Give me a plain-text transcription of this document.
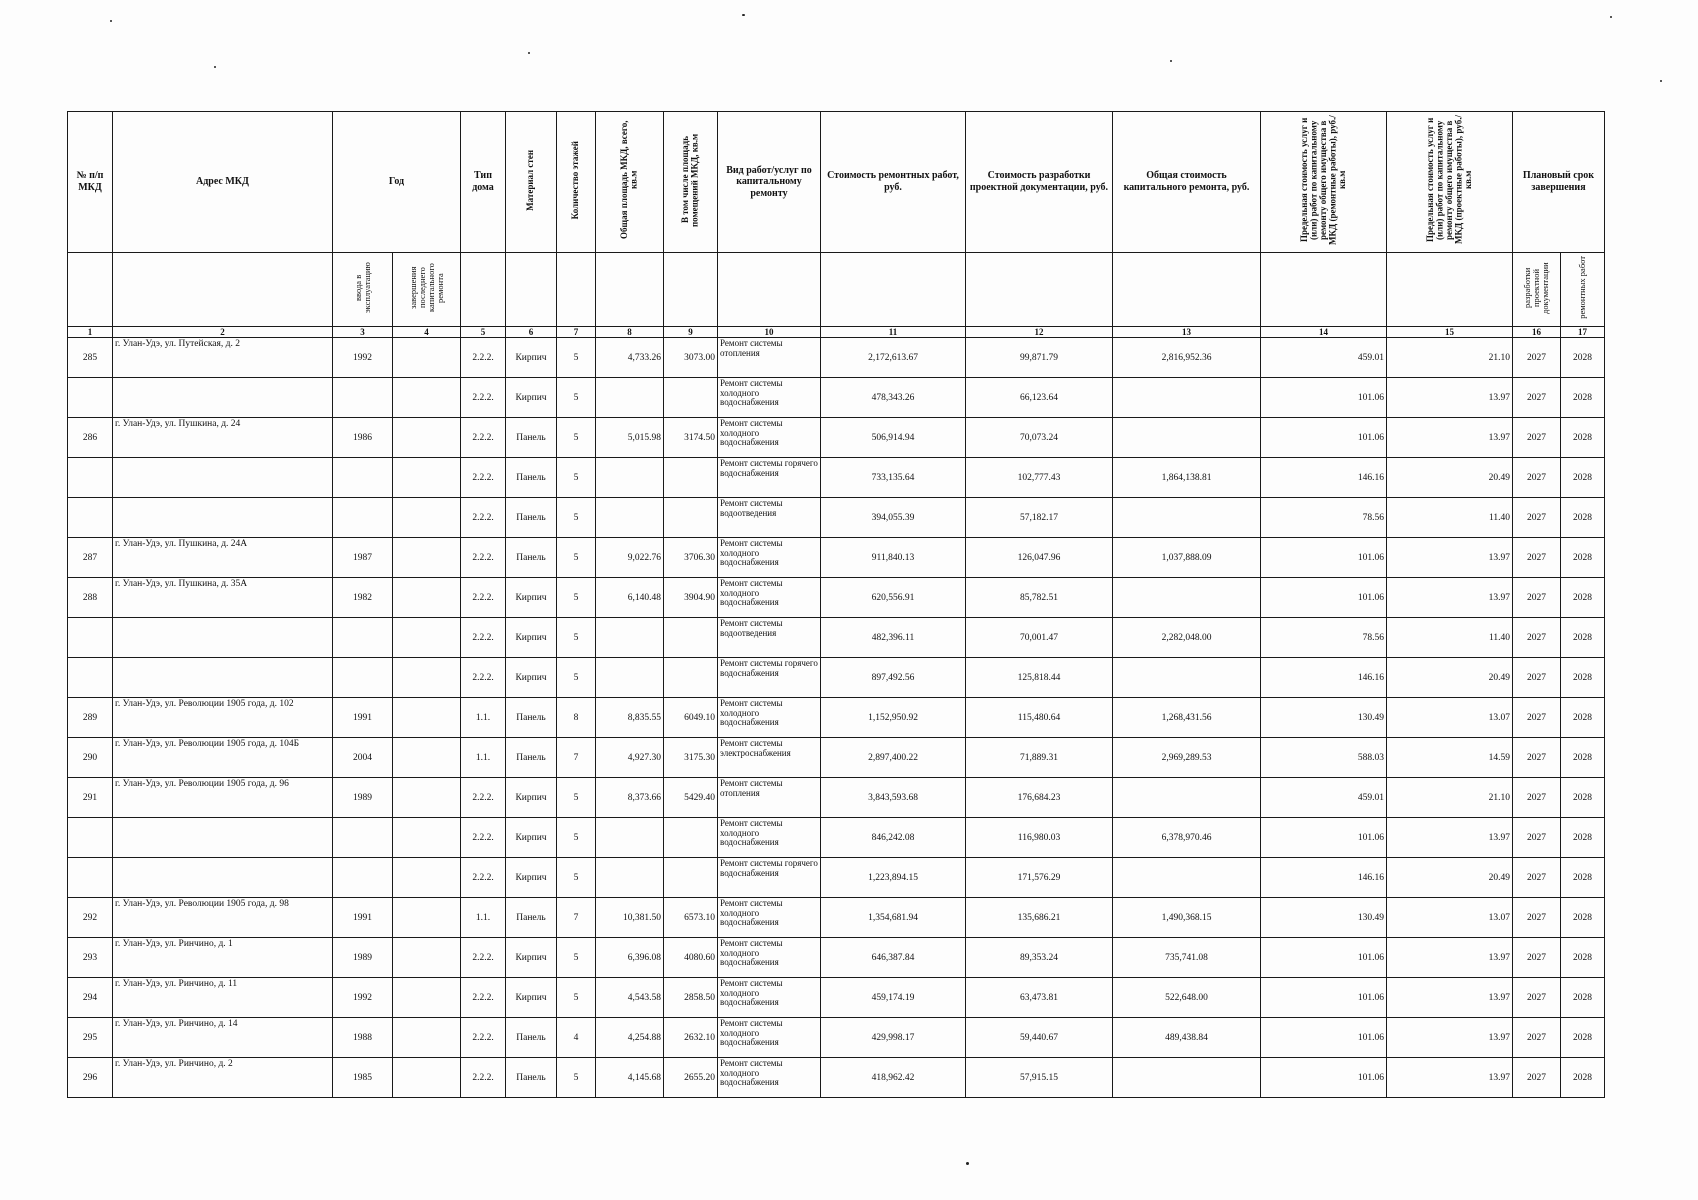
№ п/п МКД	Адрес МКД	Год		Тип дома	Материал стен	Количество этажей	Общая площадь МКД, всего, кв.м	В том числе площадь помещений МКД, кв.м	Вид работ/услуг по капитальному ремонту	Стоимость ремонтных работ, руб.	Стоимость разработки проектной документации, руб.	Общая стоимость капитального ремонта, руб.	Предельная стоимость услуг и (или) работ по капитальному ремонту общего имущества в МКД (ремонтные работы), руб./кв.м	Предельная стоимость услуг и (или) работ по капитальному ремонту общего имущества в МКД (проектные работы), руб./кв.м	Плановый срок завершения	
		ввода в эксплуатацию	завершения последнего капитального ремонта												разработки проектной документации	ремонтных работ
1	2	3	4	5	6	7	8	9	10	11	12	13	14	15	16	17
285	г. Улан-Удэ, ул. Путейская, д. 2	1992		2.2.2.	Кирпич	5	4,733.26	3073.00	Ремонт системы отопления	2,172,613.67	99,871.79	2,816,952.36	459.01	21.10	2027	2028
				2.2.2.	Кирпич	5			Ремонт системы холодного водоснабжения	478,343.26	66,123.64		101.06	13.97	2027	2028
286	г. Улан-Удэ, ул. Пушкина, д. 24	1986		2.2.2.	Панель	5	5,015.98	3174.50	Ремонт системы холодного водоснабжения	506,914.94	70,073.24		101.06	13.97	2027	2028
				2.2.2.	Панель	5			Ремонт системы горячего водоснабжения	733,135.64	102,777.43	1,864,138.81	146.16	20.49	2027	2028
				2.2.2.	Панель	5			Ремонт системы водоотведения	394,055.39	57,182.17		78.56	11.40	2027	2028
287	г. Улан-Удэ, ул. Пушкина, д. 24А	1987		2.2.2.	Панель	5	9,022.76	3706.30	Ремонт системы холодного водоснабжения	911,840.13	126,047.96	1,037,888.09	101.06	13.97	2027	2028
288	г. Улан-Удэ, ул. Пушкина, д. 35А	1982		2.2.2.	Кирпич	5	6,140.48	3904.90	Ремонт системы холодного водоснабжения	620,556.91	85,782.51		101.06	13.97	2027	2028
				2.2.2.	Кирпич	5			Ремонт системы водоотведения	482,396.11	70,001.47	2,282,048.00	78.56	11.40	2027	2028
				2.2.2.	Кирпич	5			Ремонт системы горячего водоснабжения	897,492.56	125,818.44		146.16	20.49	2027	2028
289	г. Улан-Удэ, ул. Революции 1905 года, д. 102	1991		1.1.	Панель	8	8,835.55	6049.10	Ремонт системы холодного водоснабжения	1,152,950.92	115,480.64	1,268,431.56	130.49	13.07	2027	2028
290	г. Улан-Удэ, ул. Революции 1905 года, д. 104Б	2004		1.1.	Панель	7	4,927.30	3175.30	Ремонт системы электроснабжения	2,897,400.22	71,889.31	2,969,289.53	588.03	14.59	2027	2028
291	г. Улан-Удэ, ул. Революции 1905 года, д. 96	1989		2.2.2.	Кирпич	5	8,373.66	5429.40	Ремонт системы отопления	3,843,593.68	176,684.23		459.01	21.10	2027	2028
				2.2.2.	Кирпич	5			Ремонт системы холодного водоснабжения	846,242.08	116,980.03	6,378,970.46	101.06	13.97	2027	2028
				2.2.2.	Кирпич	5			Ремонт системы горячего водоснабжения	1,223,894.15	171,576.29		146.16	20.49	2027	2028
292	г. Улан-Удэ, ул. Революции 1905 года, д. 98	1991		1.1.	Панель	7	10,381.50	6573.10	Ремонт системы холодного водоснабжения	1,354,681.94	135,686.21	1,490,368.15	130.49	13.07	2027	2028
293	г. Улан-Удэ, ул. Ринчино, д. 1	1989		2.2.2.	Кирпич	5	6,396.08	4080.60	Ремонт системы холодного водоснабжения	646,387.84	89,353.24	735,741.08	101.06	13.97	2027	2028
294	г. Улан-Удэ, ул. Ринчино, д. 11	1992		2.2.2.	Кирпич	5	4,543.58	2858.50	Ремонт системы холодного водоснабжения	459,174.19	63,473.81	522,648.00	101.06	13.97	2027	2028
295	г. Улан-Удэ, ул. Ринчино, д. 14	1988		2.2.2.	Панель	4	4,254.88	2632.10	Ремонт системы холодного водоснабжения	429,998.17	59,440.67	489,438.84	101.06	13.97	2027	2028
296	г. Улан-Удэ, ул. Ринчино, д. 2	1985		2.2.2.	Панель	5	4,145.68	2655.20	Ремонт системы холодного водоснабжения	418,962.42	57,915.15		101.06	13.97	2027	2028
